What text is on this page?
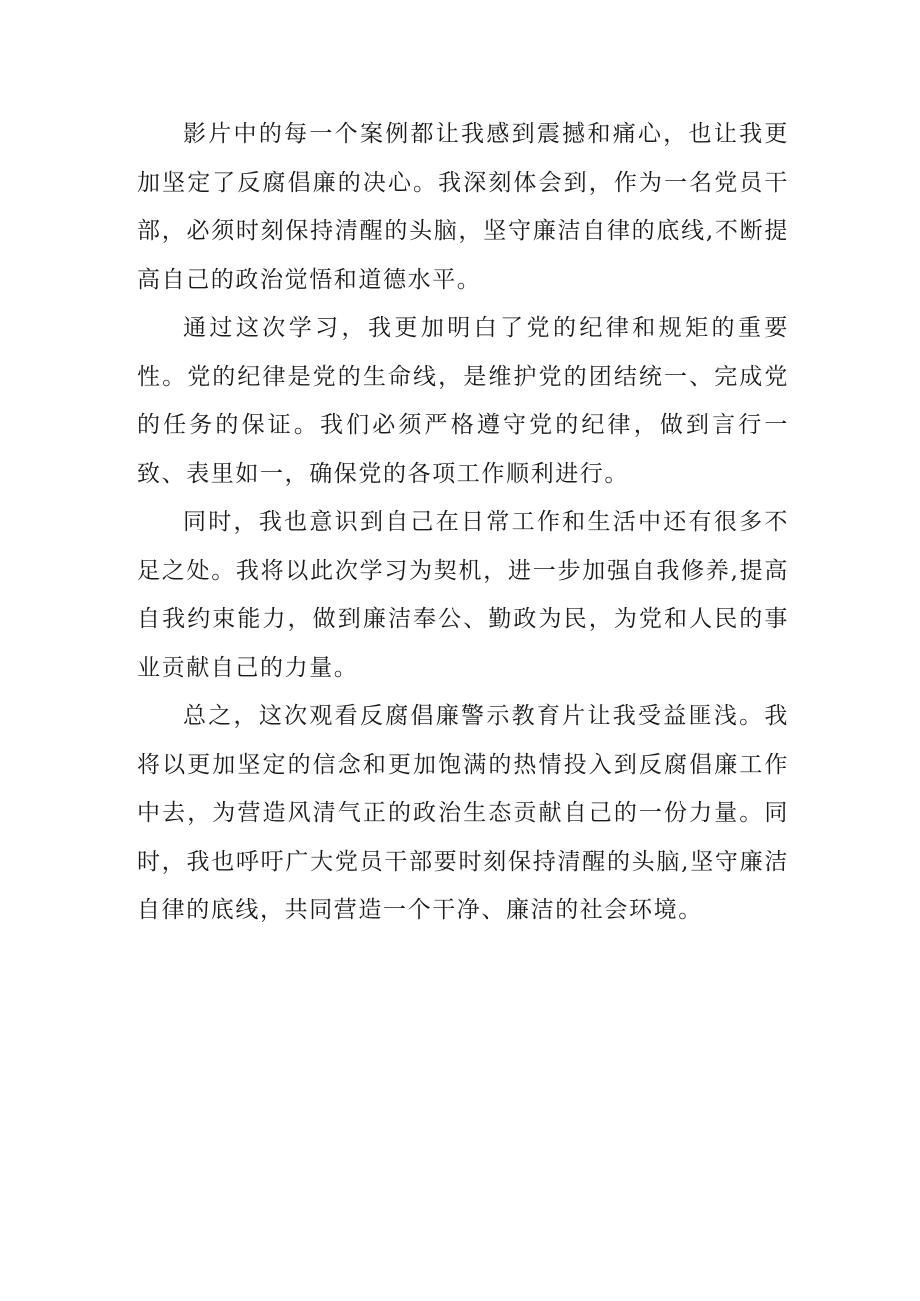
影片中的每一个案例都让我感到震撼和痛心，也让我更加坚定了反腐倡廉的决心。我深刻体会到，作为一名党员干部，必须时刻保持清醒的头脑，坚守廉洁自律的底线,不断提高自己的政治觉悟和道德水平。

通过这次学习，我更加明白了党的纪律和规矩的重要性。党的纪律是党的生命线，是维护党的团结统一、完成党的任务的保证。我们必须严格遵守党的纪律，做到言行一致、表里如一，确保党的各项工作顺利进行。

同时，我也意识到自己在日常工作和生活中还有很多不足之处。我将以此次学习为契机，进一步加强自我修养,提高自我约束能力，做到廉洁奉公、勤政为民，为党和人民的事业贡献自己的力量。

总之，这次观看反腐倡廉警示教育片让我受益匪浅。我将以更加坚定的信念和更加饱满的热情投入到反腐倡廉工作中去，为营造风清气正的政治生态贡献自己的一份力量。同时，我也呼吁广大党员干部要时刻保持清醒的头脑,坚守廉洁自律的底线，共同营造一个干净、廉洁的社会环境。
